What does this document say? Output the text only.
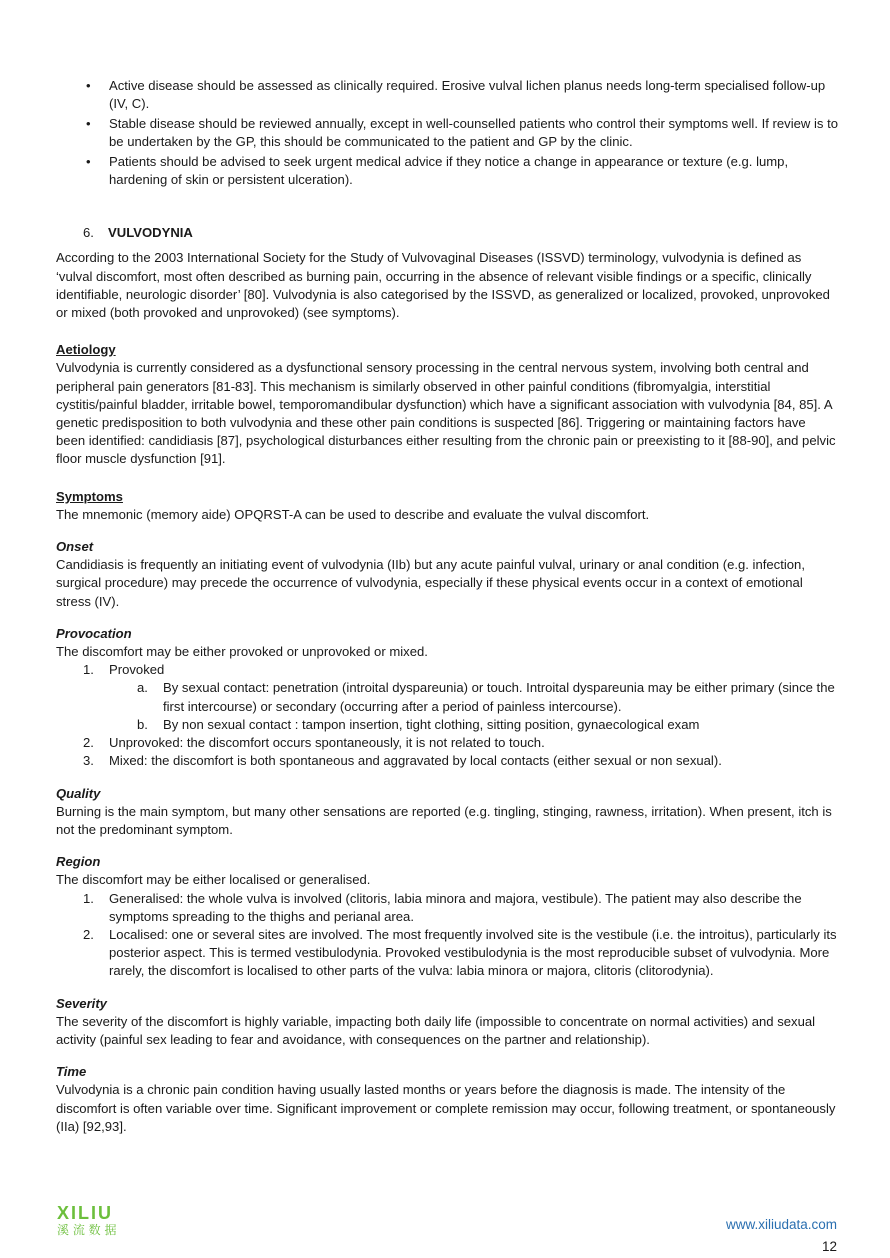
• Active disease should be assessed as clinically required. Erosive vulval lichen planus needs long-term specialised follow-up (IV, C).
• Stable disease should be reviewed annually, except in well-counselled patients who control their symptoms well. If review is to be undertaken by the GP, this should be communicated to the patient and GP by the clinic.
• Patients should be advised to seek urgent medical advice if they notice a change in appearance or texture (e.g. lump, hardening of skin or persistent ulceration).
6. VULVODYNIA

According to the 2003 International Society for the Study of Vulvovaginal Diseases (ISSVD) terminology, vulvodynia is defined as ‘vulval discomfort, most often described as burning pain, occurring in the absence of relevant visible findings or a specific, clinically identifiable, neurologic disorder’ [80]. Vulvodynia is also categorised by the ISSVD, as generalized or localized, provoked, unprovoked or mixed (both provoked and unprovoked) (see symptoms).

Aetiology

Vulvodynia is currently considered as a dysfunctional sensory processing in the central nervous system, involving both central and peripheral pain generators [81-83]. This mechanism is similarly observed in other painful conditions (fibromyalgia, interstitial cystitis/painful bladder, irritable bowel, temporomandibular dysfunction) which have a significant association with vulvodynia [84, 85]. A genetic predisposition to both vulvodynia and these other pain conditions is suspected [86]. Triggering or maintaining factors have been identified: candidiasis [87], psychological disturbances either resulting from the chronic pain or preexisting to it [88-90], and pelvic floor muscle dysfunction [91].

Symptoms

The mnemonic (memory aide) OPQRST-A can be used to describe and evaluate the vulval discomfort.

Onset

Candidiasis is frequently an initiating event of vulvodynia (IIb) but any acute painful vulval, urinary or anal condition (e.g. infection, surgical procedure) may precede the occurrence of vulvodynia, especially if these physical events occur in a context of emotional stress (IV).

Provocation

The discomfort may be either provoked or unprovoked or mixed.

1. Provoked
a. By sexual contact: penetration (introital dyspareunia) or touch. Introital dyspareunia may be either primary (since the first intercourse) or secondary (occurring after a period of painless intercourse).
b. By non sexual contact : tampon insertion, tight clothing, sitting position, gynaecological exam
2. Unprovoked: the discomfort occurs spontaneously, it is not related to touch.
3. Mixed: the discomfort is both spontaneous and aggravated by local contacts (either sexual or non sexual).
Quality

Burning is the main symptom, but many other sensations are reported (e.g. tingling, stinging, rawness, irritation). When present, itch is not the predominant symptom.

Region

The discomfort may be either localised or generalised.

1. Generalised: the whole vulva is involved (clitoris, labia minora and majora, vestibule). The patient may also describe the symptoms spreading to the thighs and perianal area.
2. Localised: one or several sites are involved. The most frequently involved site is the vestibule (i.e. the introitus), particularly its posterior aspect. This is termed vestibulodynia. Provoked vestibulodynia is the most reproducible subset of vulvodynia. More rarely, the discomfort is localised to other parts of the vulva: labia minora or majora, clitoris (clitorodynia).
Severity

The severity of the discomfort is highly variable, impacting both daily life (impossible to concentrate on normal activities) and sexual activity (painful sex leading to fear and avoidance, with consequences on the partner and relationship).

Time

Vulvodynia is a chronic pain condition having usually lasted months or years before the diagnosis is made. The intensity of the discomfort is often variable over time. Significant improvement or complete remission may occur, following treatment, or spontaneously (IIa) [92,93].

XILIU
溪 流 数 据	www.xiliudata.com
12
